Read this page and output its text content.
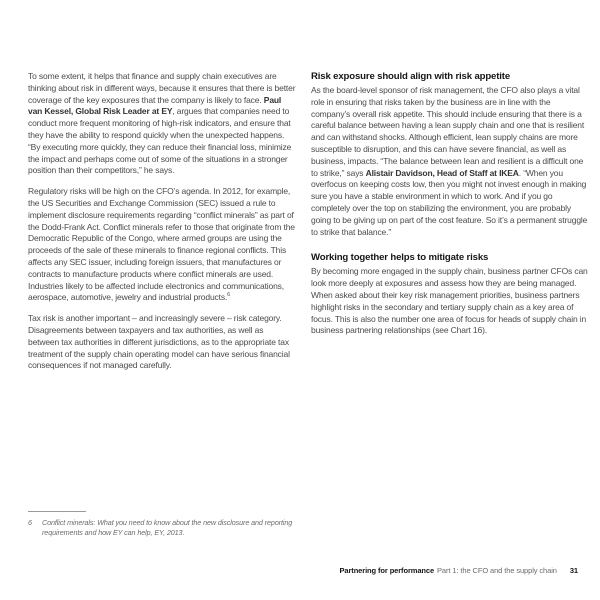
To some extent, it helps that finance and supply chain executives are thinking about risk in different ways, because it ensures that there is better coverage of the key exposures that the company is likely to face. Paul van Kessel, Global Risk Leader at EY, argues that companies need to conduct more frequent monitoring of high-risk indicators, and ensure that they have the ability to respond quickly when the unexpected happens. “By executing more quickly, they can reduce their financial loss, minimize the impact and perhaps come out of some of the situations in a stronger position than their competitors,” he says.

Regulatory risks will be high on the CFO’s agenda. In 2012, for example, the US Securities and Exchange Commission (SEC) issued a rule to implement disclosure requirements regarding “conflict minerals” as part of the Dodd-Frank Act. Conflict minerals refer to those that originate from the Democratic Republic of the Congo, where armed groups are using the proceeds of the sale of these minerals to finance regional conflicts. This affects any SEC issuer, including foreign issuers, that manufactures or contracts to manufacture products where conflict minerals are used. Industries likely to be affected include electronics and communications, aerospace, automotive, jewelry and industrial products.$^6$

Tax risk is another important – and increasingly severe – risk category. Disagreements between taxpayers and tax authorities, as well as between tax authorities in different jurisdictions, as to the appropriate tax treatment of the supply chain operating model can have serious financial consequences if not managed carefully.

Risk exposure should align with risk appetite

As the board-level sponsor of risk management, the CFO also plays a vital role in ensuring that risks taken by the business are in line with the company’s overall risk appetite. This should include ensuring that there is a careful balance between having a lean supply chain and one that is resilient and can withstand shocks. Although efficient, lean supply chains are more susceptible to disruption, and this can have severe financial, as well as business, impacts. “The balance between lean and resilient is a difficult one to strike,” says Alistair Davidson, Head of Staff at IKEA. “When you overfocus on keeping costs low, then you might not invest enough in making sure you have a stable environment in which to work. And if you go completely over the top on stabilizing the environment, you are probably going to be giving up on part of the cost feature. So it’s a permanent struggle to strike that balance.”

Working together helps to mitigate risks

By becoming more engaged in the supply chain, business partner CFOs can look more deeply at exposures and assess how they are being managed. When asked about their key risk management priorities, business partners highlight risks in the secondary and tertiary supply chain as a key area of focus. This is also the number one area of focus for heads of supply chain in business partnering relationships (see Chart 16).

6	Conflict minerals: What you need to know about the new disclosure and reporting requirements and how EY can help, EY, 2013.
Partnering for performance Part 1: the CFO and the supply chain 31
